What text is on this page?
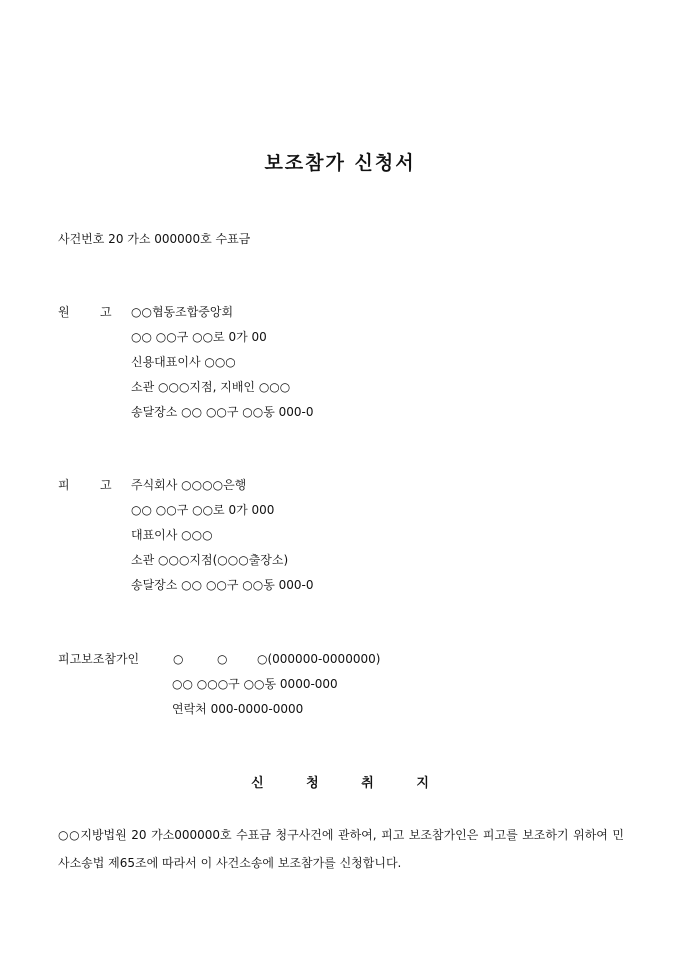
보조참가 신청서
사건번호 20 가소 000000호 수표금
원	고 ○○협동조합중앙회
○○ ○○구 ○○로 0가 00
신용대표이사 ○○○
소관 ○○○지점, 지배인 ○○○
송달장소 ○○ ○○구 ○○동 000-0
피	고 주식회사 ○○○○은행
○○ ○○구 ○○로 0가 000
대표이사 ○○○
소관 ○○○지점(○○○출장소)
송달장소 ○○ ○○구 ○○동 000-0
피고보조참가인	○	○ ○(000000-0000000)
○○ ○○○구 ○○동 0000-000
연락처 000-0000-0000
신	청	취	지
○○지방법원 20 가소000000호 수표금 청구사건에 관하여, 피고 보조참가인은 피고를 보조하기 위하여 민사소송법 제65조에 따라서 이 사건소송에 보조참가를 신청합니다.
